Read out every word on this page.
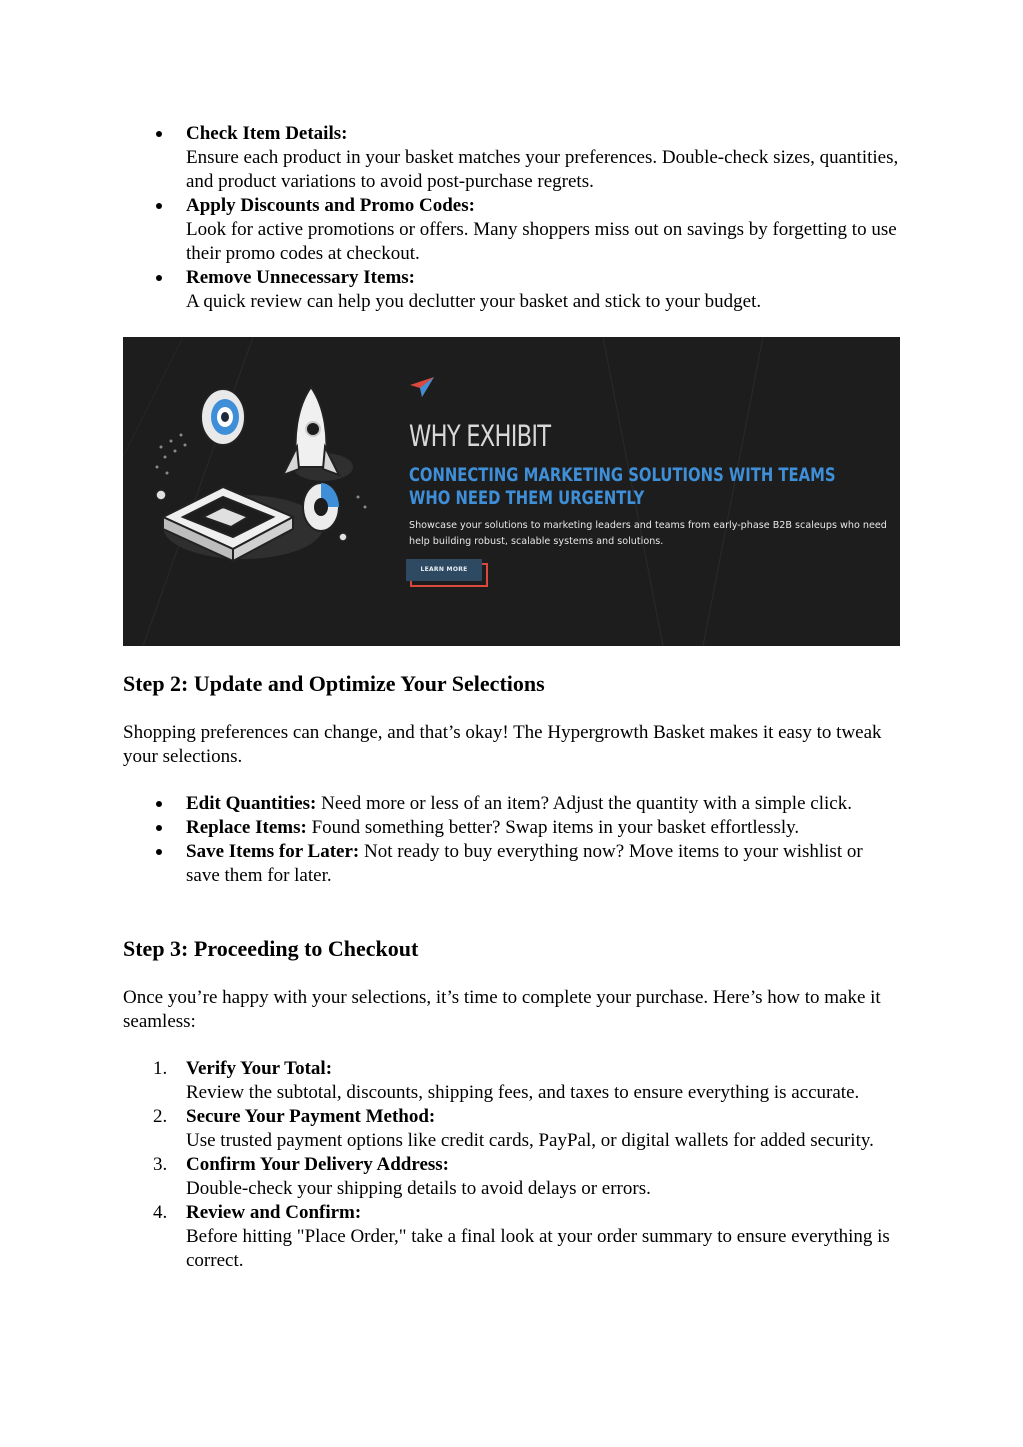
Check Item Details:
Ensure each product in your basket matches your preferences. Double-check sizes, quantities, and product variations to avoid post-purchase regrets.
Apply Discounts and Promo Codes:
Look for active promotions or offers. Many shoppers miss out on savings by forgetting to use their promo codes at checkout.
Remove Unnecessary Items:
A quick review can help you declutter your basket and stick to your budget.
WHY EXHIBIT
CONNECTING MARKETING SOLUTIONS WITH TEAMS WHO NEED THEM URGENTLY
Showcase your solutions to marketing leaders and teams from early-phase B2B scaleups who need help building robust, scalable systems and solutions.
LEARN MORE
Step 2: Update and Optimize Your Selections

Shopping preferences can change, and that’s okay! The Hypergrowth Basket makes it easy to tweak your selections.

Edit Quantities: Need more or less of an item? Adjust the quantity with a simple click.
Replace Items: Found something better? Swap items in your basket effortlessly.
Save Items for Later: Not ready to buy everything now? Move items to your wishlist or save them for later.
Step 3: Proceeding to Checkout

Once you’re happy with your selections, it’s time to complete your purchase. Here’s how to make it seamless:

1. Verify Your Total:
Review the subtotal, discounts, shipping fees, and taxes to ensure everything is accurate.
2. Secure Your Payment Method:
Use trusted payment options like credit cards, PayPal, or digital wallets for added security.
3. Confirm Your Delivery Address:
Double-check your shipping details to avoid delays or errors.
4. Review and Confirm:
Before hitting "Place Order," take a final look at your order summary to ensure everything is correct.
